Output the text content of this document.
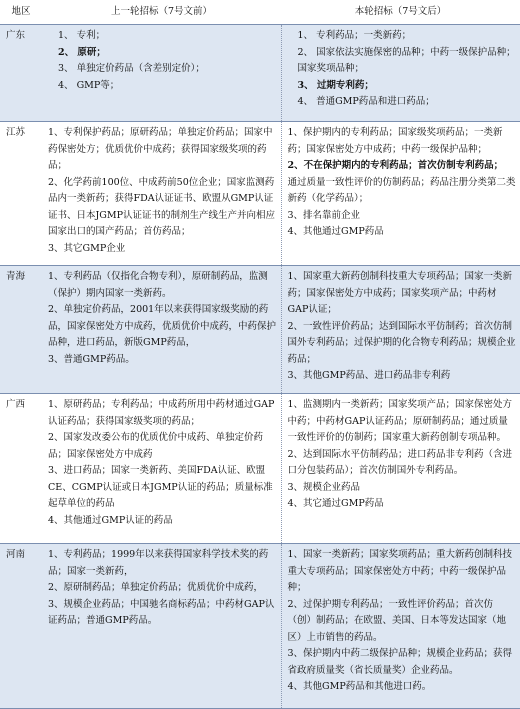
地区	上一轮招标（7号文前）	本轮招标（7号文后）
广东	1、 专利；
2、 原研；
3、 单独定价药品（含差别定价）；
4、 GMP等；	1、 专利药品；一类新药；
2、 国家依法实施保密的品种；中药一级保护品种；国家奖项品种；
3、 过期专利药；
4、 普通GMP药品和进口药品；

江苏	1、专利保护药品；原研药品；单独定价药品；国家中药保密处方；优质优价中成药；获得国家级奖项的药品；
2、化学药前100位、中成药前50位企业；国家监测药品内一类新药；获得FDA认证证书、欧盟从GMP认证证书、日本JGMP认证证书的制剂生产线生产并向相应国家出口的国产药品；首仿药品；
3、其它GMP企业	1、保护期内的专利药品；国家级奖项药品；一类新药；国家保密处方中成药；中药一级保护品种；
2、不在保护期内的专利药品；首次仿制专利药品；
通过质量一致性评价的仿制药品；药品注册分类第二类新药（化学药品）；
3、排名靠前企业
4、其他通过GMP药品

青海	1、专利药品（仅指化合物专利），原研制药品，监测（保护）期内国家一类新药。
2、单独定价药品，2001年以来获得国家级奖励的药品，国家保密处方中成药，优质优价中成药，中药保护品种，进口药品，新版GMP药品，
3、普通GMP药品。	1、国家重大新药创制科技重大专项药品；国家一类新药；国家保密处方中成药；国家奖项产品；中药材GAP认证；
2、一致性评价药品；达到国际水平仿制药；首次仿制国外专利药品；过保护期的化合物专利药品；规模企业药品；
3、其他GMP药品、进口药品非专利药

广西	1、原研药品；专利药品；中成药所用中药材通过GAP认证药品；获得国家级奖项的药品；
2、国家发改委公布的优质优价中成药、单独定价药品；国家保密处方中成药
3、进口药品；国家一类新药、美国FDA认证、欧盟CE、CGMP认证或日本JGMP认证的药品；质量标准起草单位的药品
4、其他通过GMP认证的药品	1、监测期内一类新药；国家奖项产品；国家保密处方中药；中药材GAP认证药品；原研制药品；通过质量一致性评价的仿制药；国家重大新药创制专项品种。
2、达到国际水平仿制药品；进口药品非专利药（含进口分包装药品）；首次仿制国外专利药品。
3、规模企业药品
4、其它通过GMP药品

河南	1、专利药品；1999年以来获得国家科学技术奖的药品；国家一类新药，
2、原研制药品；单独定价药品；优质优价中成药，
3、规模企业药品；中国驰名商标药品；中药材GAP认证药品；普通GMP药品。	1、国家一类新药；国家奖项药品；重大新药创制科技重大专项药品；国家保密处方中药；中药一级保护品种；
2、过保护期专利药品；一致性评价药品；首次仿（创）制药品；在欧盟、美国、日本等发达国家（地区）上市销售的药品。
3、保护期内中药二级保护品种；规模企业药品；获得省政府质量奖（省长质量奖）企业药品。
4、其他GMP药品和其他进口药。
